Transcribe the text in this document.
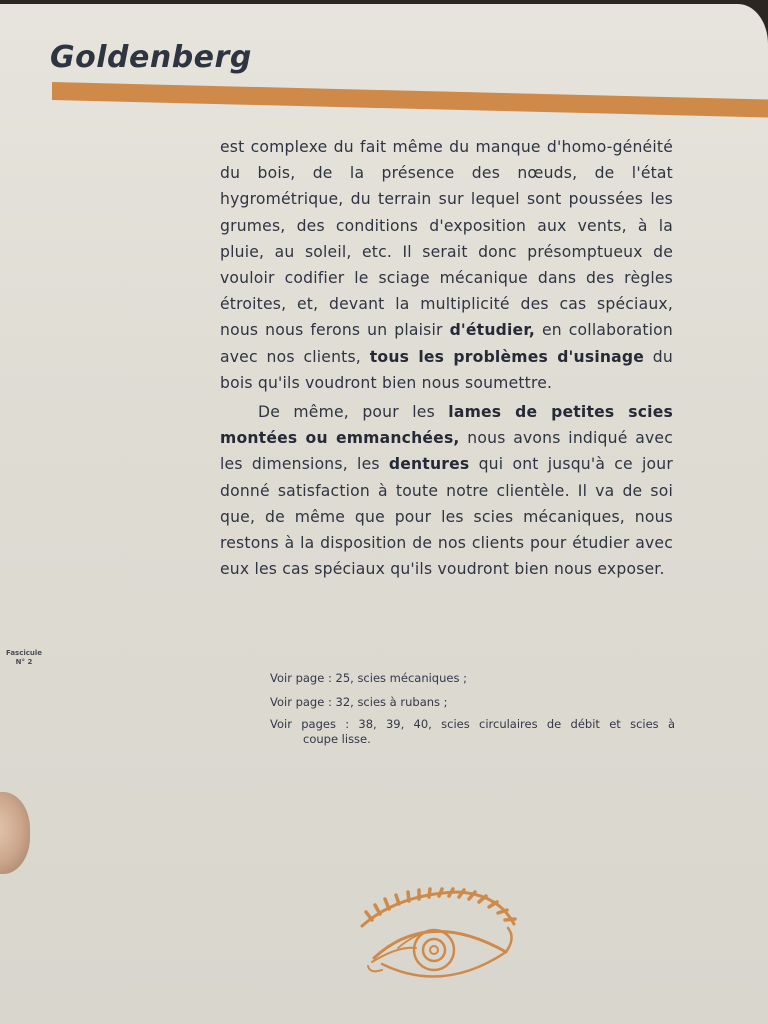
Goldenberg

est complexe du fait même du manque d'homo-généité du bois, de la présence des nœuds, de l'état hygrométrique, du terrain sur lequel sont poussées les grumes, des conditions d'exposition aux vents, à la pluie, au soleil, etc. Il serait donc présomptueux de vouloir codifier le sciage mécanique dans des règles étroites, et, devant la multiplicité des cas spéciaux, nous nous ferons un plaisir d'étudier, en collaboration avec nos clients, tous les problèmes d'usinage du bois qu'ils voudront bien nous soumettre.

De même, pour les lames de petites scies montées ou emmanchées, nous avons indiqué avec les dimensions, les dentures qui ont jusqu'à ce jour donné satisfaction à toute notre clientèle. Il va de soi que, de même que pour les scies mécaniques, nous restons à la disposition de nos clients pour étudier avec eux les cas spéciaux qu'ils voudront bien nous exposer.

Fascicule
N° 2
Voir page : 25, scies mécaniques ;
Voir page : 32, scies à rubans ;
Voir pages : 38, 39, 40, scies circulaires de débit et scies à
coupe lisse.
